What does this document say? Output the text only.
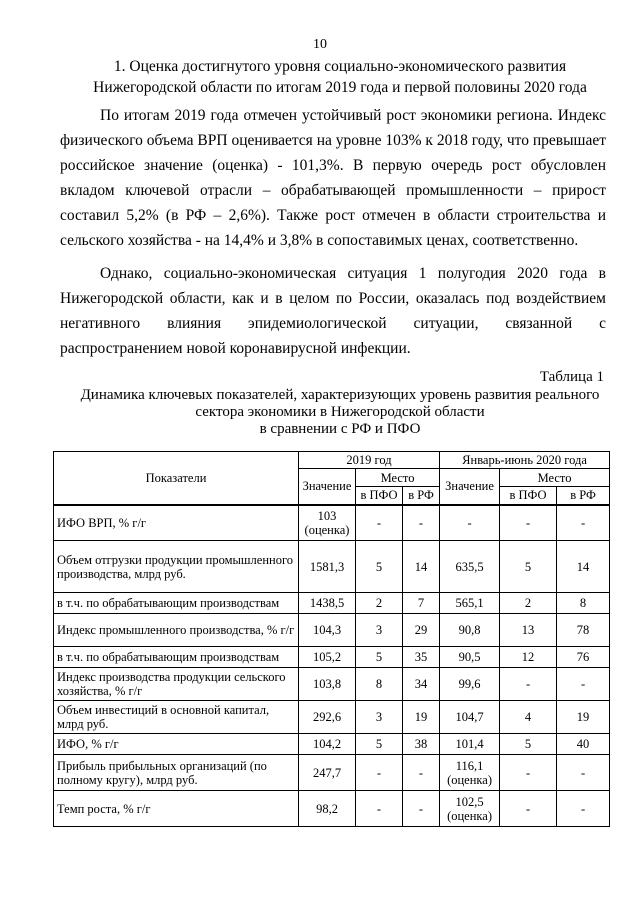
10
1. Оценка достигнутого уровня социально-экономического развития
Нижегородской области по итогам 2019 года и первой половины 2020 года

По итогам 2019 года отмечен устойчивый рост экономики региона. Индекс физического объема ВРП оценивается на уровне 103% к 2018 году, что превышает российское значение (оценка) - 101,3%. В первую очередь рост обусловлен вкладом ключевой отрасли – обрабатывающей промышленности – прирост составил 5,2% (в РФ – 2,6%). Также рост отмечен в области строительства и сельского хозяйства - на 14,4% и 3,8% в сопоставимых ценах, соответственно.

Однако, социально-экономическая ситуация 1 полугодия 2020 года в Нижегородской области, как и в целом по России, оказалась под воздействием негативного влияния эпидемиологической ситуации, связанной с распространением новой коронавирусной инфекции.

Таблица 1
Динамика ключевых показателей, характеризующих уровень развития реального
сектора экономики в Нижегородской области
в сравнении с РФ и ПФО
Показатели	2019 год			Январь-июнь 2020 года		
	Значение	Место		Значение	Место	
		в ПФО	в РФ		в ПФО	в РФ
ИФО ВРП, % г/г	103 (оценка)	-	-	-	-	-
Объем отгрузки продукции промышленного производства, млрд руб.	1581,3	5	14	635,5	5	14
в т.ч. по обрабатывающим производствам	1438,5	2	7	565,1	2	8
Индекс промышленного производства, % г/г	104,3	3	29	90,8	13	78
в т.ч. по обрабатывающим производствам	105,2	5	35	90,5	12	76
Индекс производства продукции сельского хозяйства, % г/г	103,8	8	34	99,6	-	-
Объем инвестиций в основной капитал, млрд руб.	292,6	3	19	104,7	4	19
ИФО, % г/г	104,2	5	38	101,4	5	40
Прибыль прибыльных организаций (по полному кругу), млрд руб.	247,7	-	-	116,1 (оценка)	-	-
Темп роста, % г/г	98,2	-	-	102,5 (оценка)	-	-
